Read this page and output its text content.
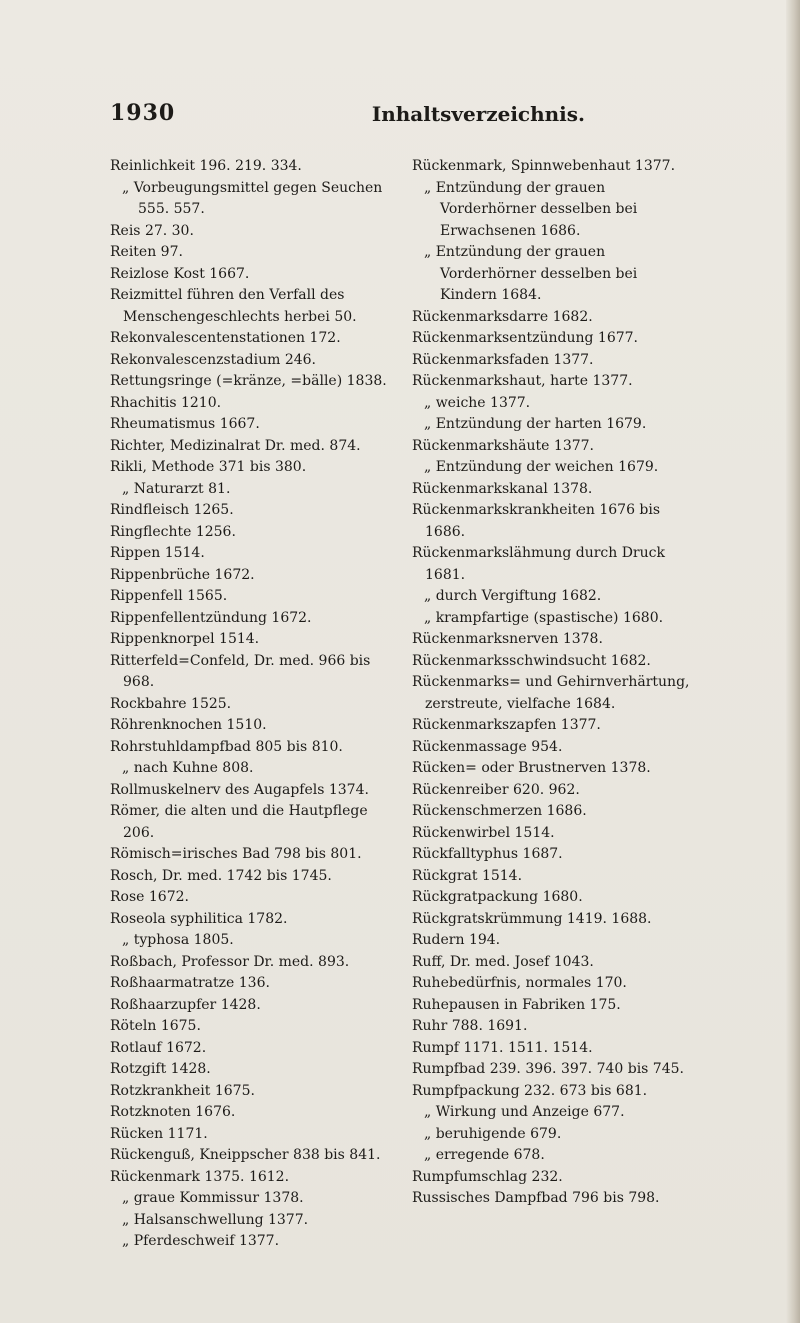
1930	Inhaltsverzeichnis.

Reinlichkeit 196. 219. 334.

„ Vorbeugungsmittel gegen Seuchen 555. 557.

Reis 27. 30.

Reiten 97.

Reizlose Kost 1667.

Reizmittel führen den Verfall des Menschengeschlechts herbei 50.

Rekonvalescentenstationen 172.

Rekonvalescenzstadium 246.

Rettungsringe (=kränze, =bälle) 1838.

Rhachitis 1210.

Rheumatismus 1667.

Richter, Medizinalrat Dr. med. 874.

Rikli, Methode 371 bis 380.

„ Naturarzt 81.

Rindfleisch 1265.

Ringflechte 1256.

Rippen 1514.

Rippenbrüche 1672.

Rippenfell 1565.

Rippenfellentzündung 1672.

Rippenknorpel 1514.

Ritterfeld=Confeld, Dr. med. 966 bis 968.

Rockbahre 1525.

Röhrenknochen 1510.

Rohrstuhldampfbad 805 bis 810.

„ nach Kuhne 808.

Rollmuskelnerv des Augapfels 1374.

Römer, die alten und die Hautpflege 206.

Römisch=irisches Bad 798 bis 801.

Rosch, Dr. med. 1742 bis 1745.

Rose 1672.

Roseola syphilitica 1782.

„ typhosa 1805.

Roßbach, Professor Dr. med. 893.

Roßhaarmatratze 136.

Roßhaarzupfer 1428.

Röteln 1675.

Rotlauf 1672.

Rotzgift 1428.

Rotzkrankheit 1675.

Rotzknoten 1676.

Rücken 1171.

Rückenguß, Kneippscher 838 bis 841.

Rückenmark 1375. 1612.

„ graue Kommissur 1378.

„ Halsanschwellung 1377.

„ Pferdeschweif 1377.

Rückenmark, Spinnwebenhaut 1377.

„ Entzündung der grauen Vorderhörner desselben bei Erwachsenen 1686.

„ Entzündung der grauen Vorderhörner desselben bei Kindern 1684.

Rückenmarksdarre 1682.

Rückenmarksentzündung 1677.

Rückenmarksfaden 1377.

Rückenmarkshaut, harte 1377.

„ weiche 1377.

„ Entzündung der harten 1679.

Rückenmarkshäute 1377.

„ Entzündung der weichen 1679.

Rückenmarkskanal 1378.

Rückenmarkskrankheiten 1676 bis 1686.

Rückenmarkslähmung durch Druck 1681.

„ durch Vergiftung 1682.

„ krampfartige (spastische) 1680.

Rückenmarksnerven 1378.

Rückenmarksschwindsucht 1682.

Rückenmarks= und Gehirnverhärtung, zerstreute, vielfache 1684.

Rückenmarkszapfen 1377.

Rückenmassage 954.

Rücken= oder Brustnerven 1378.

Rückenreiber 620. 962.

Rückenschmerzen 1686.

Rückenwirbel 1514.

Rückfalltyphus 1687.

Rückgrat 1514.

Rückgratpackung 1680.

Rückgratskrümmung 1419. 1688.

Rudern 194.

Ruff, Dr. med. Josef 1043.

Ruhebedürfnis, normales 170.

Ruhepausen in Fabriken 175.

Ruhr 788. 1691.

Rumpf 1171. 1511. 1514.

Rumpfbad 239. 396. 397. 740 bis 745.

Rumpfpackung 232. 673 bis 681.

„ Wirkung und Anzeige 677.

„ beruhigende 679.

„ erregende 678.

Rumpfumschlag 232.

Russisches Dampfbad 796 bis 798.
